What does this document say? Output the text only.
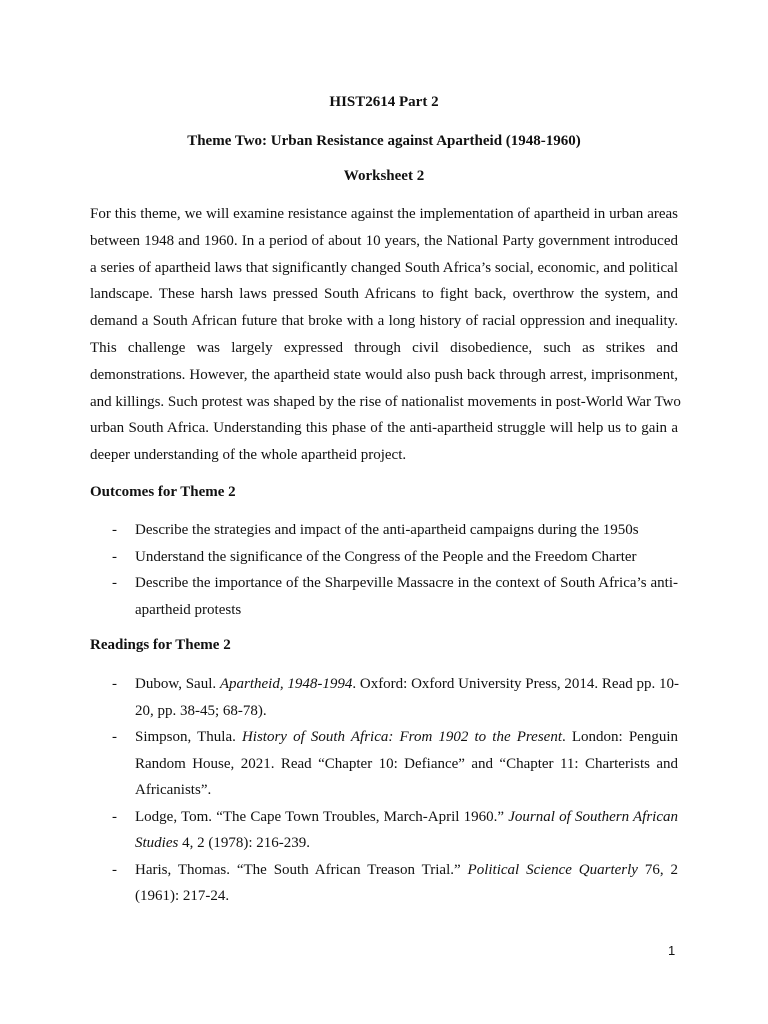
HIST2614 Part 2
Theme Two: Urban Resistance against Apartheid (1948-1960)
Worksheet 2

For this theme, we will examine resistance against the implementation of apartheid in urban areas
between 1948 and 1960. In a period of about 10 years, the National Party government introduced
a series of apartheid laws that significantly changed South Africa’s social, economic, and political
landscape. These harsh laws pressed South Africans to fight back, overthrow the system, and
demand a South African future that broke with a long history of racial oppression and inequality.
This challenge was largely expressed through civil disobedience, such as strikes and
demonstrations. However, the apartheid state would also push back through arrest, imprisonment,
and killings. Such protest was shaped by the rise of nationalist movements in post-World War Two
urban South Africa. Understanding this phase of the anti-apartheid struggle will help us to gain a
deeper understanding of the whole apartheid project.

Outcomes for Theme 2
- Describe the strategies and impact of the anti-apartheid campaigns during the 1950s
- Understand the significance of the Congress of the People and the Freedom Charter
- Describe the importance of the Sharpeville Massacre in the context of South Africa’s anti-
apartheid protests
Readings for Theme 2
- Dubow, Saul. Apartheid, 1948-1994. Oxford: Oxford University Press, 2014. Read pp. 10-
20, pp. 38-45; 68-78).
- Simpson, Thula. History of South Africa: From 1902 to the Present. London: Penguin
Random House, 2021. Read “Chapter 10: Defiance” and “Chapter 11: Charterists and
Africanists”.
- Lodge, Tom. “The Cape Town Troubles, March-April 1960.” Journal of Southern African
Studies 4, 2 (1978): 216-239.
- Haris, Thomas. “The South African Treason Trial.” Political Science Quarterly 76, 2
(1961): 217-24.
1
